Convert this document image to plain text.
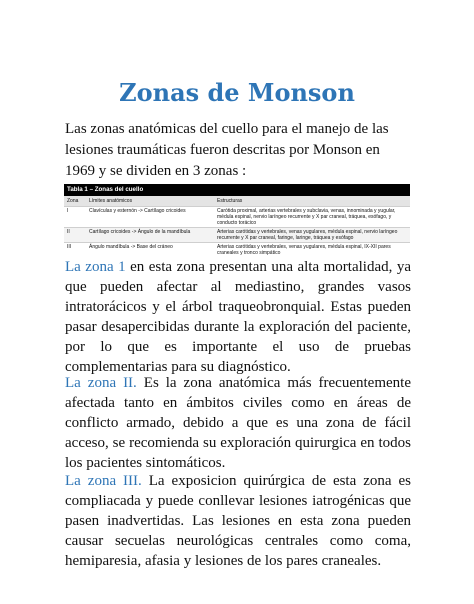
Zonas de Monson

Las zonas anatómicas del cuello para el manejo de las lesiones traumáticas fueron descritas por Monson en 1969 y se dividen en 3 zonas :

Tabla 1 – Zonas del cuello
Zona	Límites anatómicos	Estructuras
I	Clavículas y esternón -> Cartílago cricoides	Carótida proximal, arterias vertebrales y subclavia, venas, innominada y yugular, médula espinal, nervio laríngeo recurrente y X par craneal, tráquea, esófago, y conducto torácico
II	Cartílago cricoides -> Ángulo de la mandíbula	Arterias carótidas y vertebrales, venas yugulares, médula espinal, nervio laríngeo recurrente y X par craneal, faringe, laringe, tráquea y esófago
III	Ángulo mandíbula -> Base del cráneo	Arterias carótidas y vertebrales, venas yugulares, médula espinal, IX-XII pares craneales y tronco simpático

La zona 1 en esta zona presentan una alta mortalidad, ya que pueden afectar al mediastino, grandes vasos intratorácicos y el árbol traqueobronquial. Estas pueden pasar desapercibidas durante la exploración del paciente, por lo que es importante el uso de pruebas complementarias para su diagnóstico.

La zona II. Es la zona anatómica más frecuentemente afectada tanto en ámbitos civiles como en áreas de conflicto armado, debido a que es una zona de fácil acceso, se recomienda su exploración quirurgica en todos los pacientes sintomáticos.

La zona III. La exposicion quirúrgica de esta zona es compliacada y puede conllevar lesiones iatrogénicas que pasen inadvertidas. Las lesiones en esta zona pueden causar secuelas neurológicas centrales como coma, hemiparesia, afasia y lesiones de los pares craneales.
